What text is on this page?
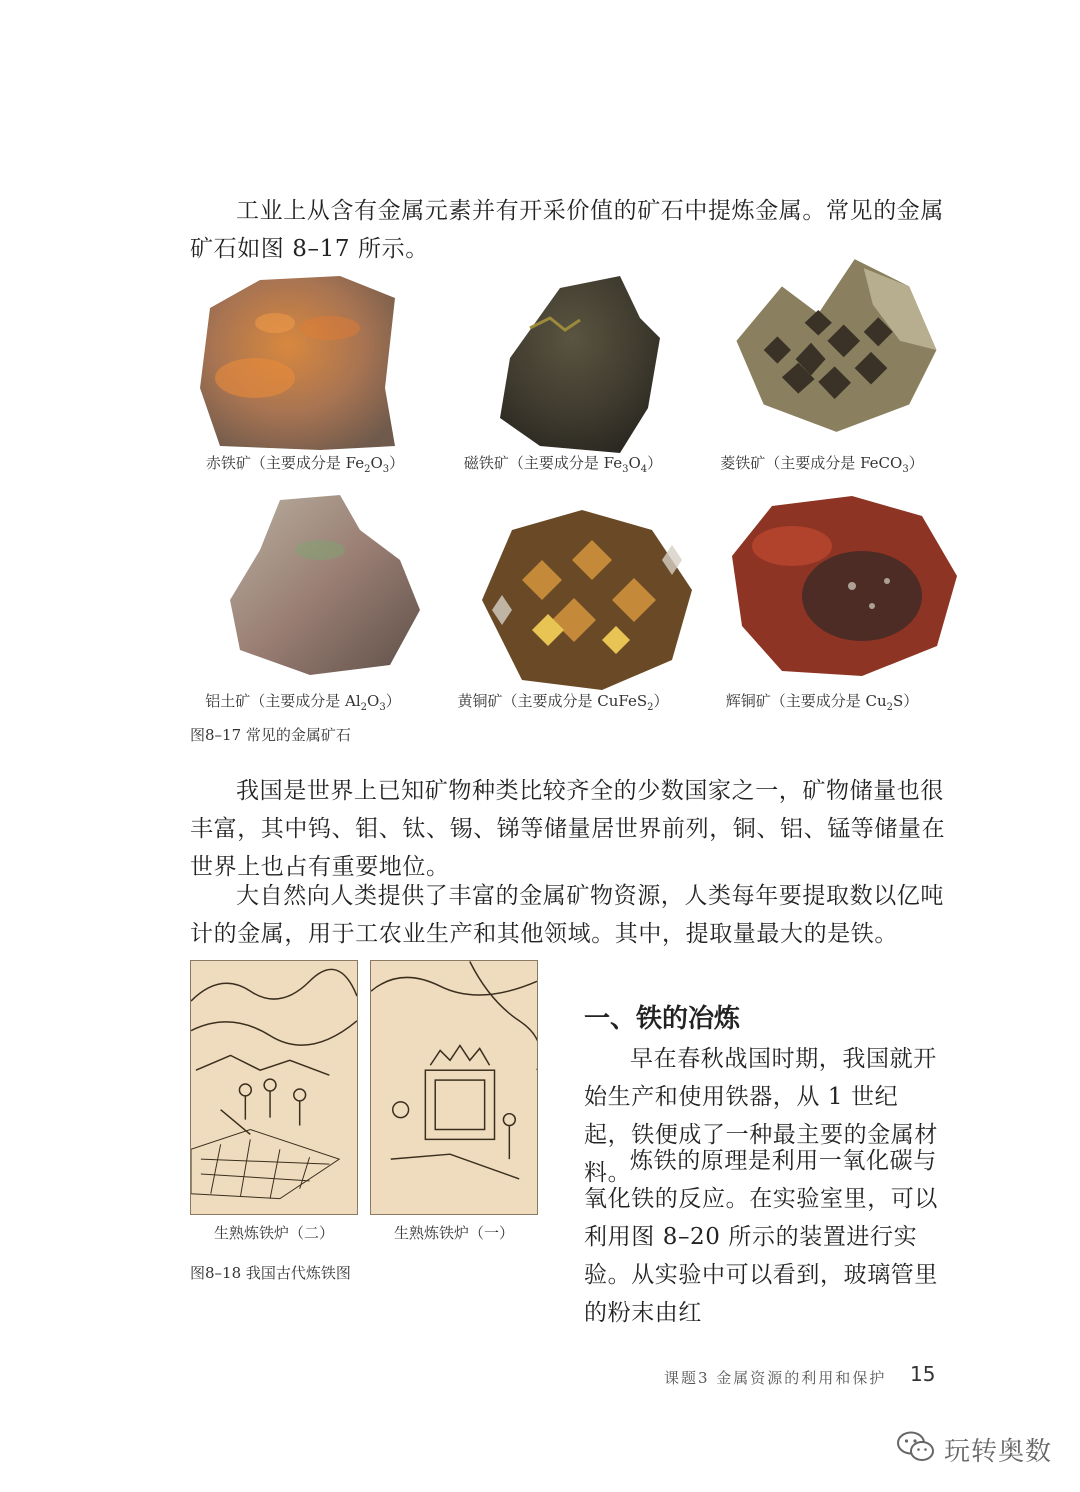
工业上从含有金属元素并有开采价值的矿石中提炼金属。常见的金属矿石如图 8–17 所示。
赤铁矿（主要成分是 $Fe_2O_3$）	磁铁矿（主要成分是 $Fe_3O_4$）	菱铁矿（主要成分是 FeCO$_3$）
铝土矿（主要成分是 $Al_2O_3$）	黄铜矿（主要成分是 CuFeS$_2$）	辉铜矿（主要成分是 $Cu_2S$）
图8–17 常见的金属矿石
我国是世界上已知矿物种类比较齐全的少数国家之一，矿物储量也很丰富，其中钨、钼、钛、锡、锑等储量居世界前列，铜、铝、锰等储量在世界上也占有重要地位。
大自然向人类提供了丰富的金属矿物资源，人类每年要提取数以亿吨计的金属，用于工农业生产和其他领域。其中，提取量最大的是铁。
生熟炼铁炉（二）	生熟炼铁炉（一）
图8–18 我国古代炼铁图
一、铁的冶炼
早在春秋战国时期，我国就开始生产和使用铁器，从 1 世纪起，铁便成了一种最主要的金属材料。
炼铁的原理是利用一氧化碳与氧化铁的反应。在实验室里，可以利用图 8–20 所示的装置进行实验。从实验中可以看到，玻璃管里的粉末由红
课题3 金属资源的利用和保护 15
玩转奥数
